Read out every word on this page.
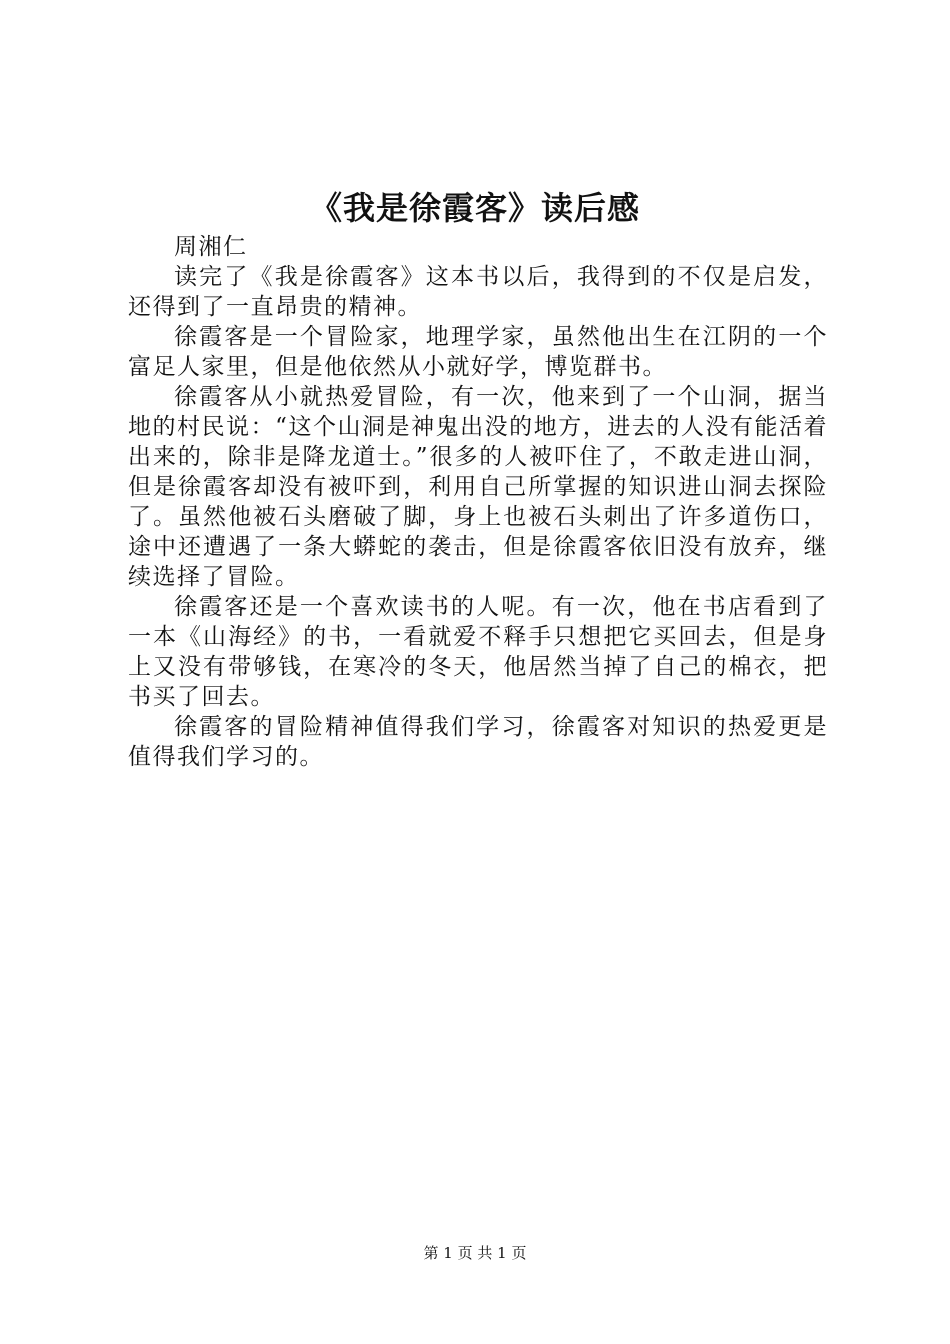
《我是徐霞客》读后感

周湘仁

读完了《我是徐霞客》这本书以后，我得到的不仅是启发，还得到了一直昂贵的精神。

徐霞客是一个冒险家，地理学家，虽然他出生在江阴的一个富足人家里，但是他依然从小就好学，博览群书。

徐霞客从小就热爱冒险，有一次，他来到了一个山洞，据当地的村民说：“这个山洞是神鬼出没的地方，进去的人没有能活着出来的，除非是降龙道士。”很多的人被吓住了，不敢走进山洞，但是徐霞客却没有被吓到，利用自己所掌握的知识进山洞去探险了。虽然他被石头磨破了脚，身上也被石头刺出了许多道伤口，途中还遭遇了一条大蟒蛇的袭击，但是徐霞客依旧没有放弃，继续选择了冒险。

徐霞客还是一个喜欢读书的人呢。有一次，他在书店看到了一本《山海经》的书，一看就爱不释手只想把它买回去，但是身上又没有带够钱，在寒冷的冬天，他居然当掉了自己的棉衣，把书买了回去。

徐霞客的冒险精神值得我们学习，徐霞客对知识的热爱更是值得我们学习的。

第 1 页 共 1 页
